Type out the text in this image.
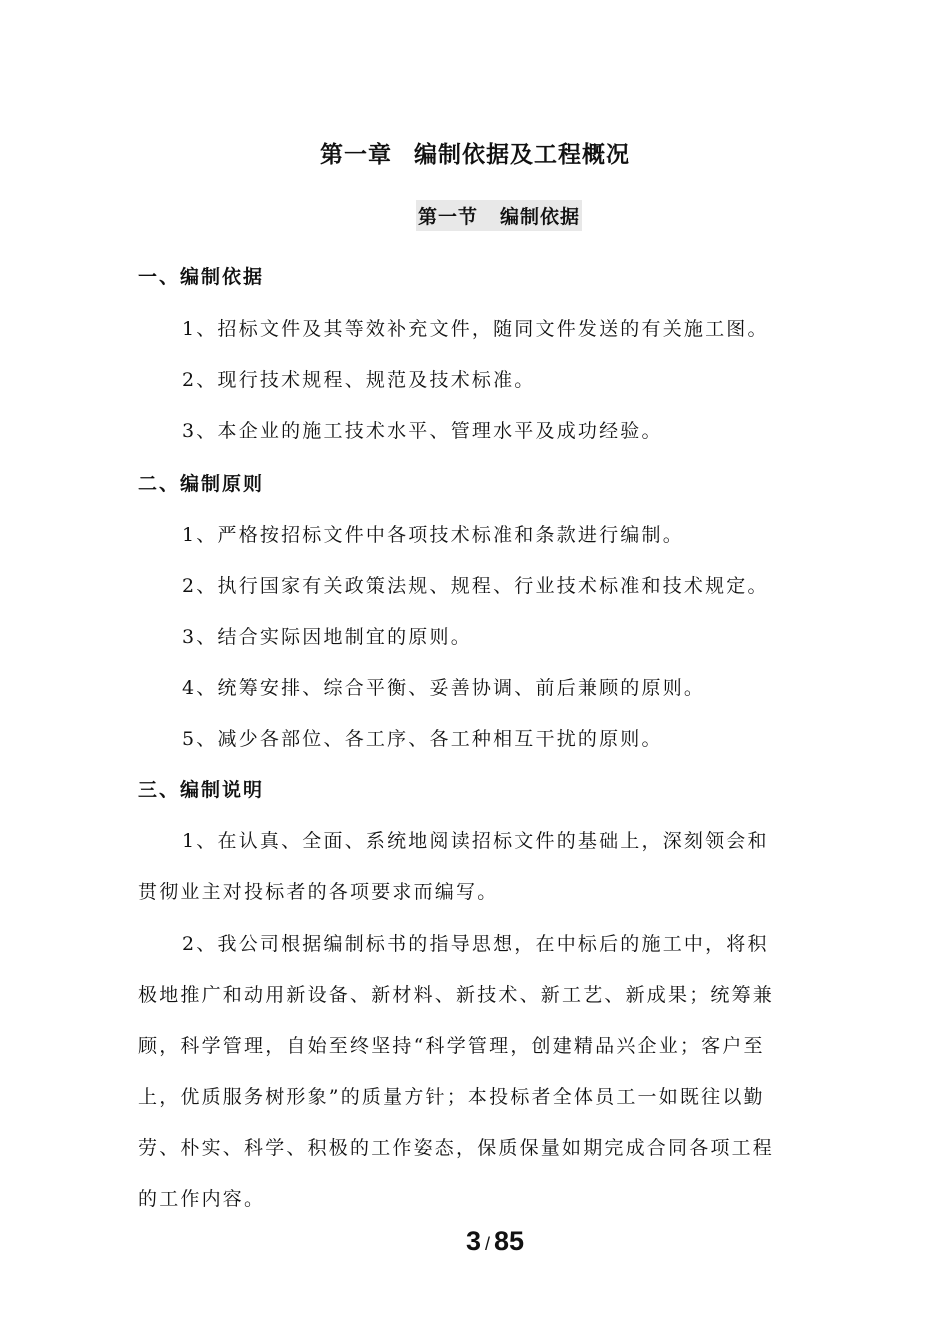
第一章 编制依据及工程概况
第一节 编制依据
一、编制依据
1、招标文件及其等效补充文件，随同文件发送的有关施工图。
2、现行技术规程、规范及技术标准。
3、本企业的施工技术水平、管理水平及成功经验。
二、编制原则
1、严格按招标文件中各项技术标准和条款进行编制。
2、执行国家有关政策法规、规程、行业技术标准和技术规定。
3、结合实际因地制宜的原则。
4、统筹安排、综合平衡、妥善协调、前后兼顾的原则。
5、减少各部位、各工序、各工种相互干扰的原则。
三、编制说明
1、在认真、全面、系统地阅读招标文件的基础上，深刻领会和
贯彻业主对投标者的各项要求而编写。
2、我公司根据编制标书的指导思想，在中标后的施工中，将积
极地推广和动用新设备、新材料、新技术、新工艺、新成果；统筹兼
顾，科学管理，自始至终坚持“科学管理，创建精品兴企业；客户至
上，优质服务树形象”的质量方针；本投标者全体员工一如既往以勤
劳、朴实、科学、积极的工作姿态，保质保量如期完成合同各项工程
的工作内容。
3 / 85
